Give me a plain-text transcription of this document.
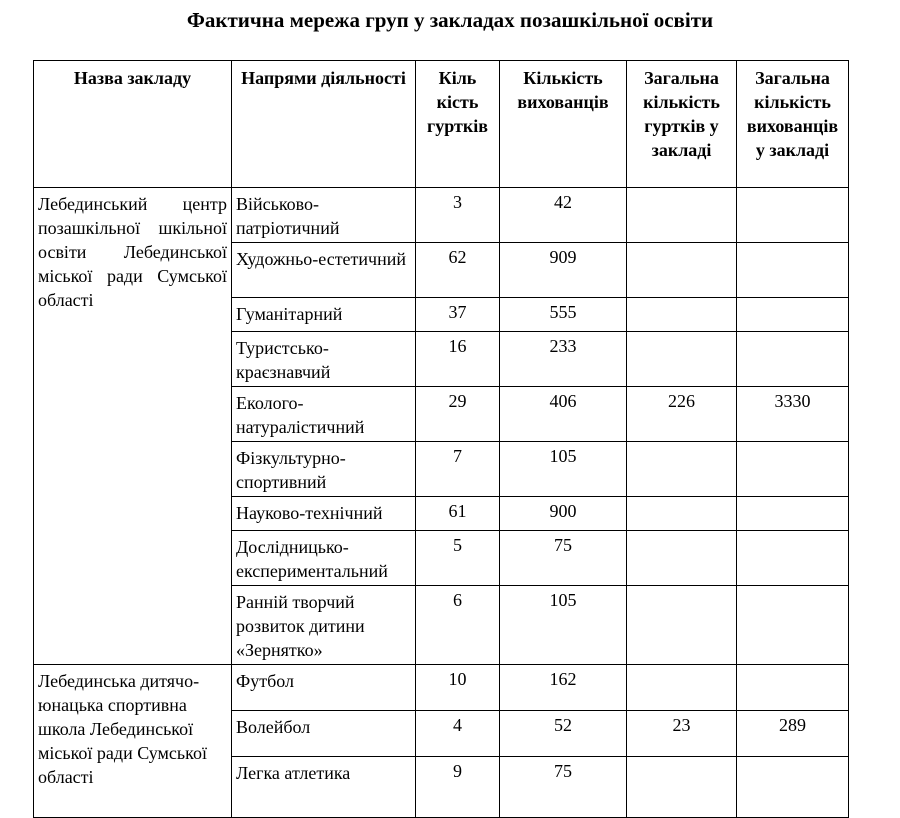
Фактична мережа груп у закладах позашкільної освіти
Назва закладу	Напрями діяльності	Кіль кість гуртків	Кількість вихованців	Загальна кількість гуртків у закладі	Загальна кількість вихованців у закладі
Лебединський центр позашкільної шкільної освіти Лебединської міської ради Сумської області	Військово-патріотичний	3	42		
	Художньо-естетичний	62	909		
	Гуманітарний	37	555		
	Туристсько-краєзнавчий	16	233		
	Еколого-натуралістичний	29	406	226	3330
	Фізкультурно-спортивний	7	105		
	Науково-технічний	61	900		
	Дослідницько-експериментальний	5	75		
	Ранній творчий розвиток дитини «Зернятко»	6	105		
Лебединська дитячо-юнацька спортивна школа Лебединської міської ради Сумської області	Футбол	10	162		
	Волейбол	4	52	23	289
	Легка атлетика	9	75		
